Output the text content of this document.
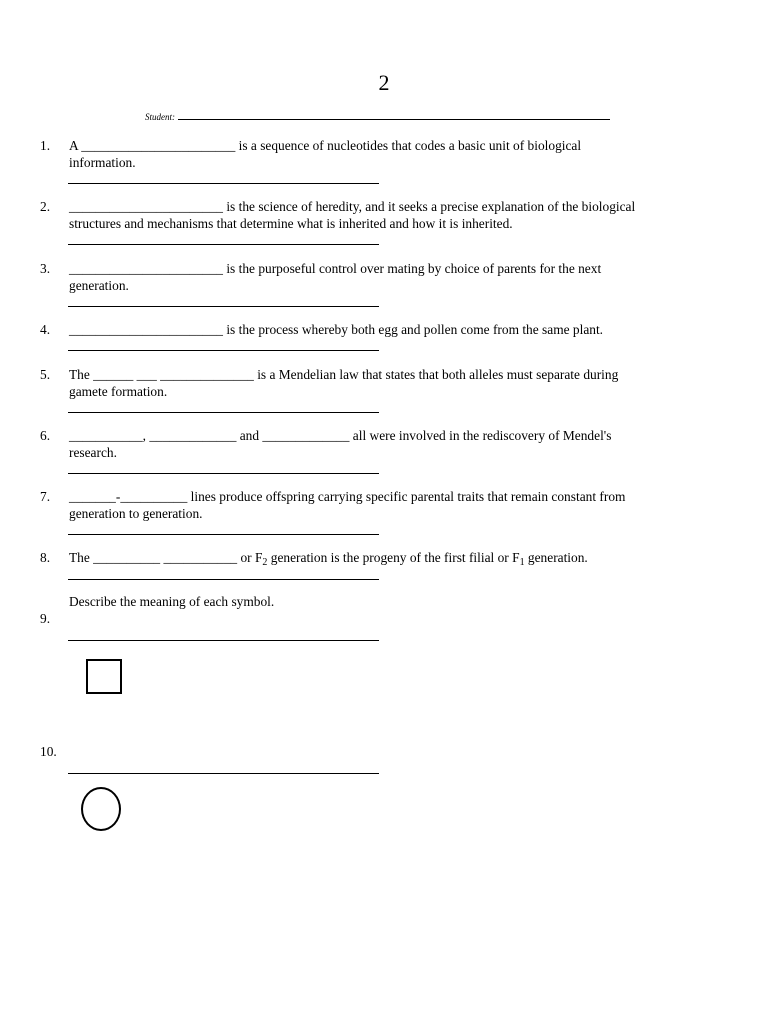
2
Student:
1.	A _______________________ is a sequence of nucleotides that codes a basic unit of biological
information.
2.	_______________________ is the science of heredity, and it seeks a precise explanation of the biological
structures and mechanisms that determine what is inherited and how it is inherited.
3.	_______________________ is the purposeful control over mating by choice of parents for the next
generation.
4.	_______________________ is the process whereby both egg and pollen come from the same plant.
5.	The ______ ___ ______________ is a Mendelian law that states that both alleles must separate during
gamete formation.
6.	___________, _____________ and _____________ all were involved in the rediscovery of Mendel's
research.
7.	_______-__________ lines produce offspring carrying specific parental traits that remain constant from
generation to generation.
8.	The __________ ___________ or $F_2$ generation is the progeny of the first filial or $F_1$ generation.
Describe the meaning of each symbol.
9.
10.
